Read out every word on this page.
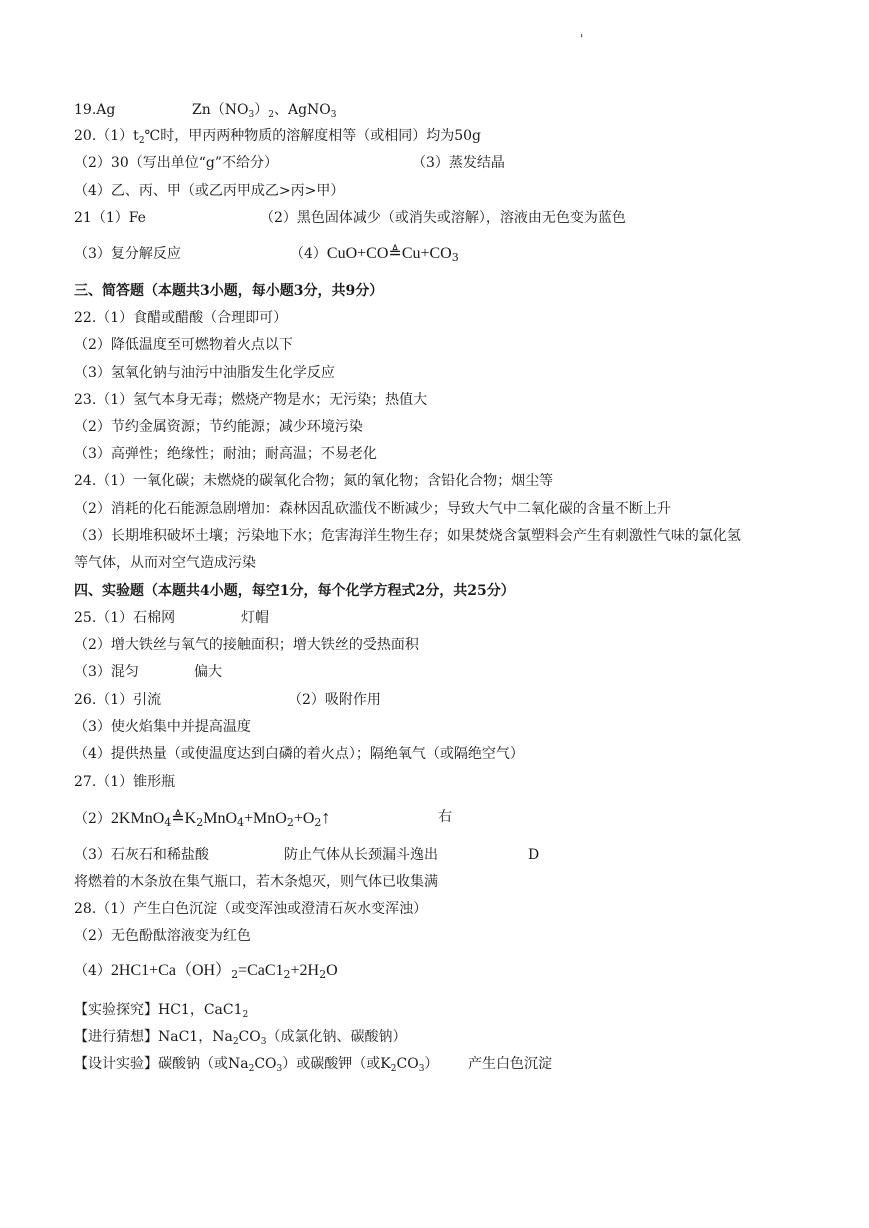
'
19.Ag	$Zn(NO_3)_2$、AgNO$_3$
$20.(1)t_2℃$时，甲丙两种物质的溶解度相等（或相同）均为50g
（2）30（写出单位“g”不给分）	（3）蒸发结晶
（4）乙、丙、甲（或乙丙甲成乙>丙>甲）
21（1）Fe	（2）黑色固体减少（或消失或溶解），溶液由无色变为蓝色
（3）复分解反应	$(4)CuO+CO≜Cu+CO_3$
三、简答题（本题共3小题，每小题3分，共9分）
22.（1）食醋或醋酸（合理即可）
（2）降低温度至可燃物着火点以下
（3）氢氧化钠与油污中油脂发生化学反应
23.（1）氢气本身无毒；燃烧产物是水；无污染；热值大
（2）节约金属资源；节约能源；减少环境污染
（3）高弹性；绝缘性；耐油；耐高温；不易老化
24.（1）一氧化碳；未燃烧的碳氧化合物；氮的氧化物；含铅化合物；烟尘等
（2）消耗的化石能源急剧增加：森林因乱砍滥伐不断减少；导致大气中二氧化碳的含量不断上升
（3）长期堆积破坏土壤；污染地下水；危害海洋生物生存；如果焚烧含氯塑料会产生有刺激性气味的氯化氢
等气体，从而对空气造成污染
四、实验题（本题共4小题，每空1分，每个化学方程式2分，共25分）
25.（1）石棉网	灯帽
（2）增大铁丝与氧气的接触面积；增大铁丝的受热面积
（3）混匀	偏大
26.（1）引流	（2）吸附作用
（3）使火焰集中并提高温度
（4）提供热量（或使温度达到白磷的着火点）；隔绝氧气（或隔绝空气）
27.（1）锥形瓶
$(2)2KMnO_4≜K_2MnO_4+MnO_2+O_2↑$	右
（3）石灰石和稀盐酸	防止气体从长颈漏斗逸出	D
将燃着的木条放在集气瓶口，若木条熄灭，则气体已收集满
28.（1）产生白色沉淀（或变浑浊或澄清石灰水变浑浊）
（2）无色酚酞溶液变为红色
$(4)2HC1+Ca(OH)_2=CaC1_2+2H_2O$
【实验探究】HC1，$CaC1_2$
【进行猜想】NaC1，$Na_2CO_3$（成氯化钠、碳酸钠）
【设计实验】碳酸钠（或$Na_2CO_3$）或碳酸钾（或$K_2CO_3$） 产生白色沉淀
